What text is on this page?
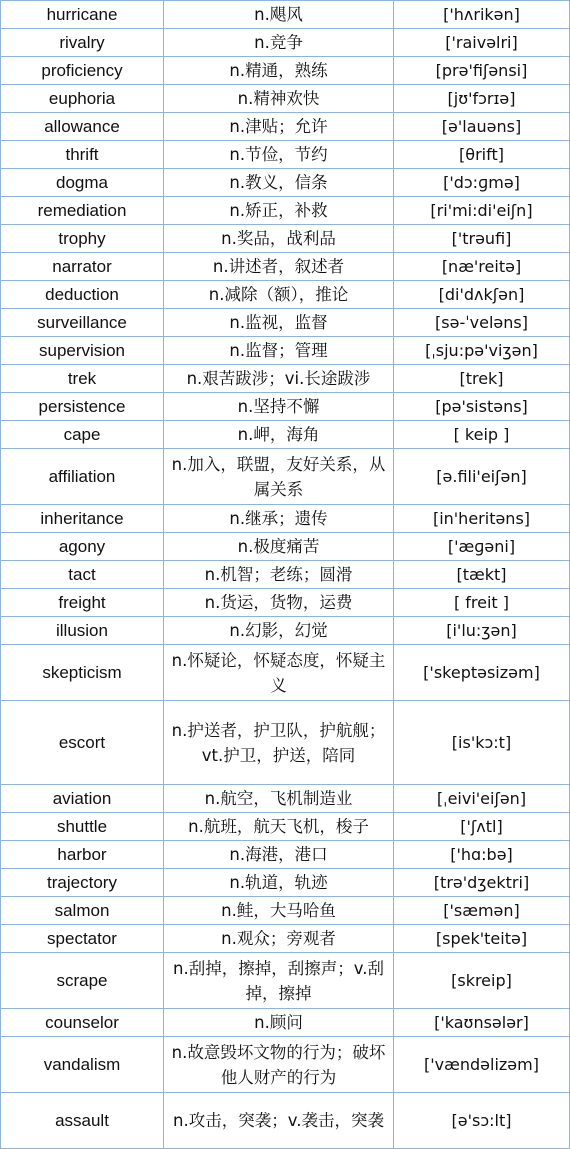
hurricane	n.飓风	['hʌrikən]
rivalry	n.竞争	['raivəlri]
proficiency	n.精通，熟练	[prə'fiʃənsi]
euphoria	n.精神欢快	[jʊ'fɔrɪə]
allowance	n.津贴；允许	[ə'lauəns]
thrift	n.节俭，节约	[θrift]
dogma	n.教义，信条	['dɔ:ɡmə]
remediation	n.矫正，补救	[ri'mi:di'eiʃn]
trophy	n.奖品，战利品	['trəufi]
narrator	n.讲述者，叙述者	[næ'reitə]
deduction	n.减除（额），推论	[di'dʌkʃən]
surveillance	n.监视，监督	[sə-ˈveləns]
supervision	n.监督；管理	[ˌsju:pə'viʒən]
trek	n.艰苦跋涉；vi.长途跋涉	[trek]
persistence	n.坚持不懈	[pə'sistəns]
cape	n.岬，海角	[ keip ]
affiliation	n.加入，联盟，友好关系，从属关系	[ə.fili'eiʃən]
inheritance	n.继承；遗传	[in'heritəns]
agony	n.极度痛苦	['æɡəni]
tact	n.机智；老练；圆滑	[tækt]
freight	n.货运，货物，运费	[ freit ]
illusion	n.幻影，幻觉	[i'lu:ʒən]
skepticism	n.怀疑论，怀疑态度，怀疑主义	['skeptəsizəm]
escort	n.护送者，护卫队，护航舰；vt.护卫，护送，陪同	[is'kɔ:t]
aviation	n.航空，飞机制造业	[ˌeivi'eiʃən]
shuttle	n.航班，航天飞机，梭子	['ʃʌtl]
harbor	n.海港，港口	['hɑ:bə]
trajectory	n.轨道，轨迹	[trə'dʒektri]
salmon	n.鲑，大马哈鱼	['sæmən]
spectator	n.观众；旁观者	[spek'teitə]
scrape	n.刮掉，擦掉，刮擦声；v.刮掉，擦掉	[skreip]
counselor	n.顾问	['kaʊnsələr]
vandalism	n.故意毁坏文物的行为；破坏他人财产的行为	['vændəlizəm]
assault	n.攻击，突袭；v.袭击，突袭	[ə'sɔ:lt]
